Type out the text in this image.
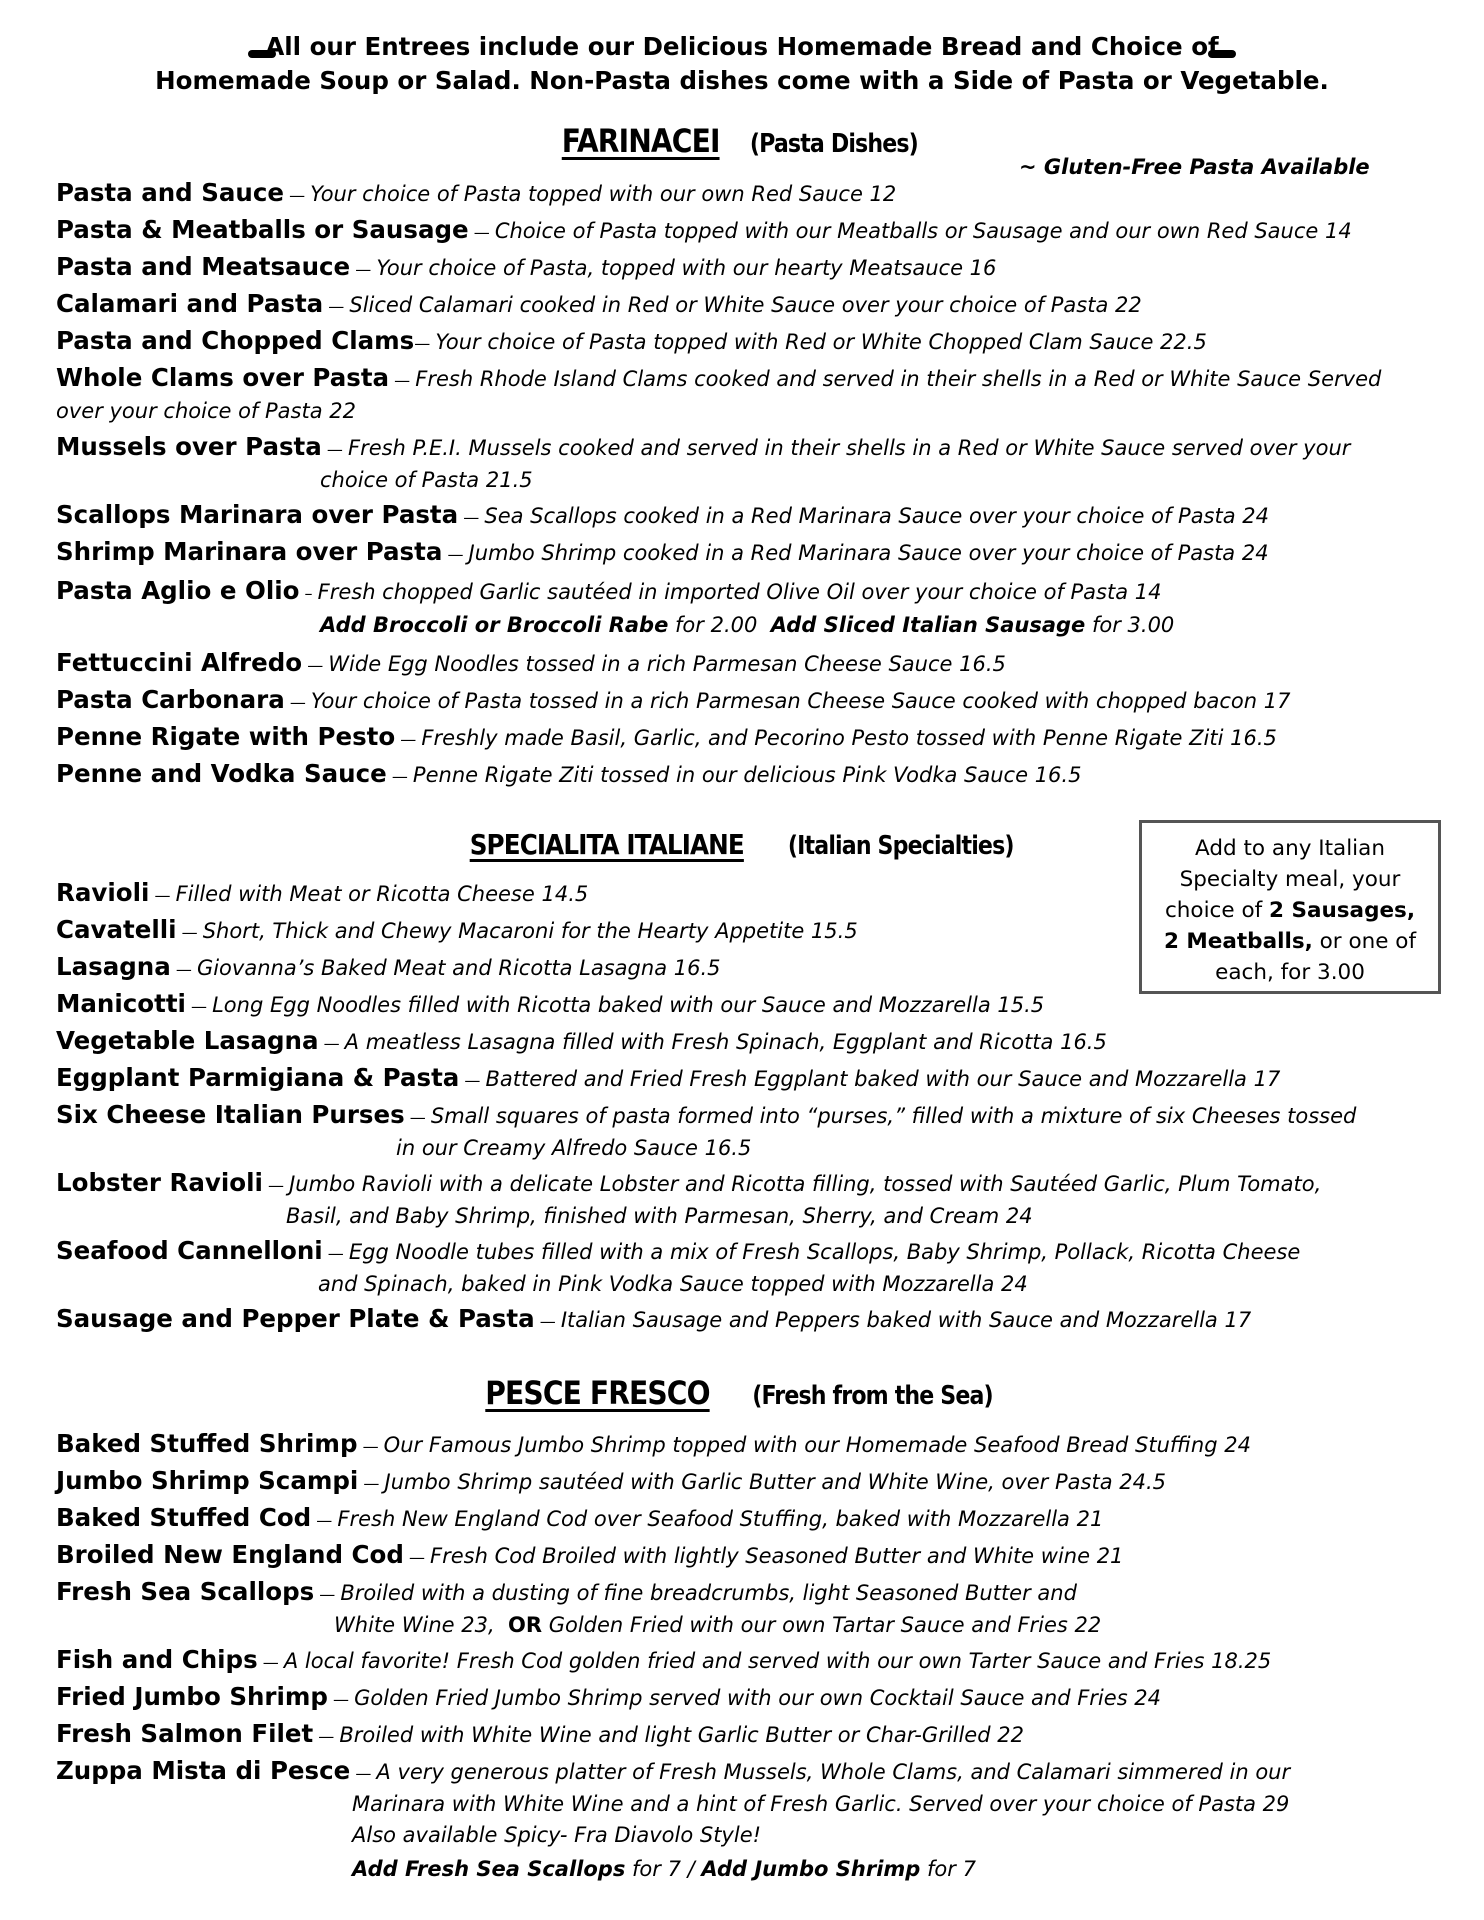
All our Entrees include our Delicious Homemade Bread and Choice of
Homemade Soup or Salad. Non-Pasta dishes come with a Side of Pasta or Vegetable.
FARINACEI (Pasta Dishes)
~ Gluten-Free Pasta Available
Pasta and Sauce — Your choice of Pasta topped with our own Red Sauce 12
Pasta & Meatballs or Sausage — Choice of Pasta topped with our Meatballs or Sausage and our own Red Sauce 14
Pasta and Meatsauce — Your choice of Pasta, topped with our hearty Meatsauce 16
Calamari and Pasta — Sliced Calamari cooked in Red or White Sauce over your choice of Pasta 22
Pasta and Chopped Clams— Your choice of Pasta topped with Red or White Chopped Clam Sauce 22.5
Whole Clams over Pasta — Fresh Rhode Island Clams cooked and served in their shells in a Red or White Sauce Served
over your choice of Pasta 22
Mussels over Pasta — Fresh P.E.I. Mussels cooked and served in their shells in a Red or White Sauce served over your
choice of Pasta 21.5
Scallops Marinara over Pasta — Sea Scallops cooked in a Red Marinara Sauce over your choice of Pasta 24
Shrimp Marinara over Pasta — Jumbo Shrimp cooked in a Red Marinara Sauce over your choice of Pasta 24
Pasta Aglio e Olio – Fresh chopped Garlic sautéed in imported Olive Oil over your choice of Pasta 14
Add Broccoli or Broccoli Rabe for 2.00 Add Sliced Italian Sausage for 3.00
Fettuccini Alfredo — Wide Egg Noodles tossed in a rich Parmesan Cheese Sauce 16.5
Pasta Carbonara — Your choice of Pasta tossed in a rich Parmesan Cheese Sauce cooked with chopped bacon 17
Penne Rigate with Pesto — Freshly made Basil, Garlic, and Pecorino Pesto tossed with Penne Rigate Ziti 16.5
Penne and Vodka Sauce — Penne Rigate Ziti tossed in our delicious Pink Vodka Sauce 16.5
SPECIALITA ITALIANE (Italian Specialties)	Add to any Italian
Specialty meal, your
choice of 2 Sausages,
2 Meatballs, or one of
each, for 3.00
Ravioli — Filled with Meat or Ricotta Cheese 14.5
Cavatelli — Short, Thick and Chewy Macaroni for the Hearty Appetite 15.5
Lasagna — Giovanna’s Baked Meat and Ricotta Lasagna 16.5
Manicotti — Long Egg Noodles filled with Ricotta baked with our Sauce and Mozzarella 15.5
Vegetable Lasagna — A meatless Lasagna filled with Fresh Spinach, Eggplant and Ricotta 16.5
Eggplant Parmigiana & Pasta — Battered and Fried Fresh Eggplant baked with our Sauce and Mozzarella 17
Six Cheese Italian Purses — Small squares of pasta formed into “purses,” filled with a mixture of six Cheeses tossed
in our Creamy Alfredo Sauce 16.5
Lobster Ravioli — Jumbo Ravioli with a delicate Lobster and Ricotta filling, tossed with Sautéed Garlic, Plum Tomato,
Basil, and Baby Shrimp, finished with Parmesan, Sherry, and Cream 24
Seafood Cannelloni — Egg Noodle tubes filled with a mix of Fresh Scallops, Baby Shrimp, Pollack, Ricotta Cheese
and Spinach, baked in Pink Vodka Sauce topped with Mozzarella 24
Sausage and Pepper Plate & Pasta — Italian Sausage and Peppers baked with Sauce and Mozzarella 17
PESCE FRESCO (Fresh from the Sea)
Baked Stuffed Shrimp — Our Famous Jumbo Shrimp topped with our Homemade Seafood Bread Stuffing 24
Jumbo Shrimp Scampi — Jumbo Shrimp sautéed with Garlic Butter and White Wine, over Pasta 24.5
Baked Stuffed Cod — Fresh New England Cod over Seafood Stuffing, baked with Mozzarella 21
Broiled New England Cod — Fresh Cod Broiled with lightly Seasoned Butter and White wine 21
Fresh Sea Scallops — Broiled with a dusting of fine breadcrumbs, light Seasoned Butter and
White Wine 23, OR Golden Fried with our own Tartar Sauce and Fries 22
Fish and Chips — A local favorite! Fresh Cod golden fried and served with our own Tarter Sauce and Fries 18.25
Fried Jumbo Shrimp — Golden Fried Jumbo Shrimp served with our own Cocktail Sauce and Fries 24
Fresh Salmon Filet — Broiled with White Wine and light Garlic Butter or Char-Grilled 22
Zuppa Mista di Pesce — A very generous platter of Fresh Mussels, Whole Clams, and Calamari simmered in our
Marinara with White Wine and a hint of Fresh Garlic. Served over your choice of Pasta 29
Also available Spicy- Fra Diavolo Style!
Add Fresh Sea Scallops for 7 / Add Jumbo Shrimp for 7
